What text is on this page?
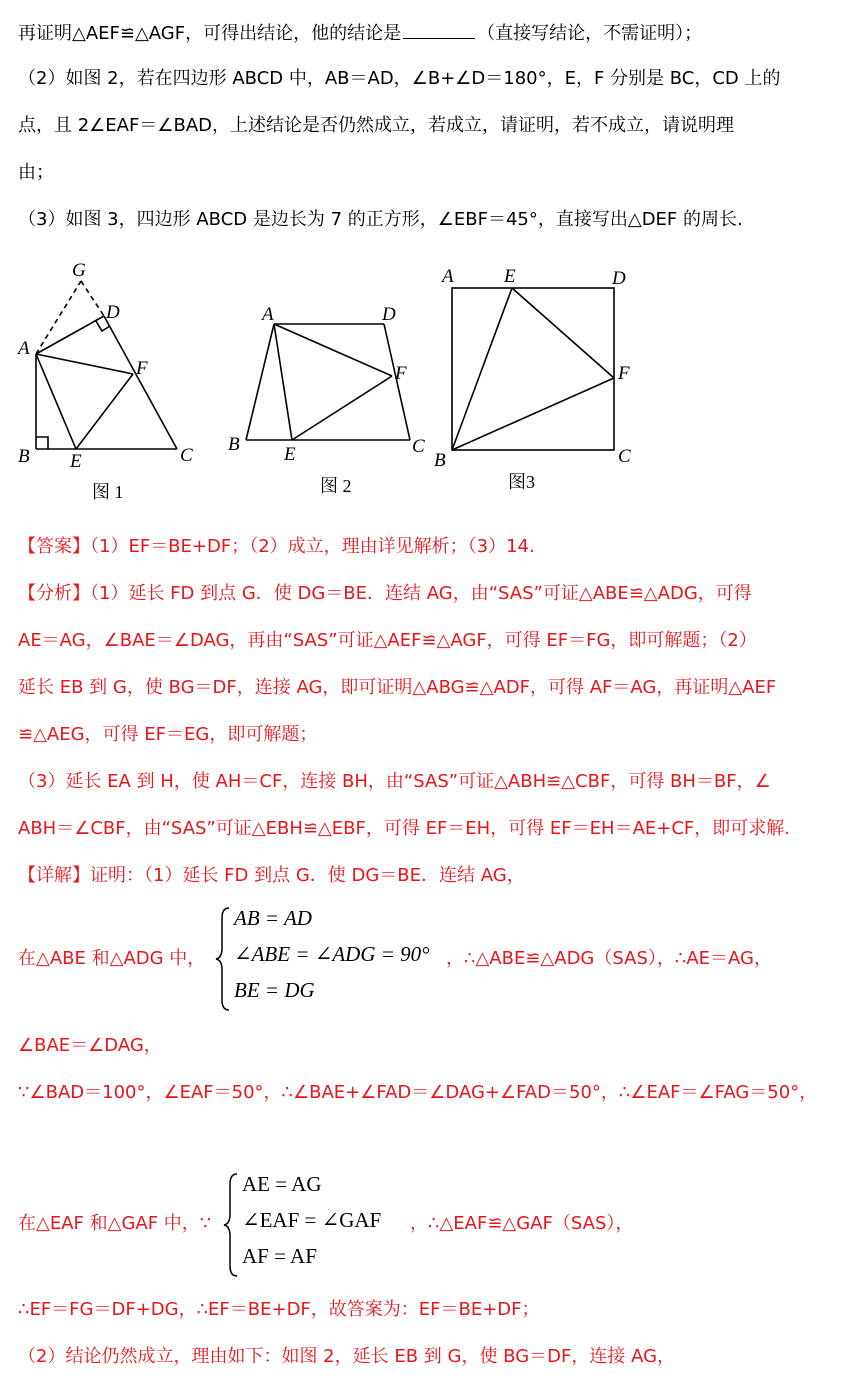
再证明△AEF≌△AGF，可得出结论，他的结论是	（直接写结论，不需证明）；
（2）如图 2，若在四边形 ABCD 中，AB＝AD，∠B+∠D＝180°，E，F 分别是 BC，CD 上的
点，且 2∠EAF＝∠BAD，上述结论是否仍然成立，若成立，请证明，若不成立，请说明理
由；
（3）如图 3，四边形 ABCD 是边长为 7 的正方形，∠EBF＝45°，直接写出△DEF 的周长.
G
D
A
F
B E	C
图 1
A	D
F
B E	C
图 2
A	E	D
F
B	C
图3
【答案】（1）EF＝BE+DF；（2）成立，理由详见解析；（3）14.
【分析】（1）延长 FD 到点 G．使 DG＝BE．连结 AG，由“SAS”可证△ABE≌△ADG，可得
AE＝AG，∠BAE＝∠DAG，再由“SAS”可证△AEF≌△AGF，可得 EF＝FG，即可解题；（2）
延长 EB 到 G，使 BG＝DF，连接 AG，即可证明△ABG≌△ADF，可得 AF＝AG，再证明△AEF
≌△AEG，可得 EF＝EG，即可解题；
（3）延长 EA 到 H，使 AH＝CF，连接 BH，由“SAS”可证△ABH≌△CBF，可得 BH＝BF，∠
ABH＝∠CBF，由“SAS”可证△EBH≌△EBF，可得 EF＝EH，可得 EF＝EH＝AE+CF，即可求解.
【详解】证明：（1）延长 FD 到点 G．使 DG＝BE．连结 AG，
在△ABE 和△ADG 中，
AB = AD
∠ABE = ∠ADG = 90°
BE = DG
，∴△ABE≌△ADG（SAS），∴AE＝AG，
∠BAE＝∠DAG，
∵∠BAD＝100°，∠EAF＝50°，∴∠BAE+∠FAD＝∠DAG+∠FAD＝50°，∴∠EAF＝∠FAG＝50°，
在△EAF 和△GAF 中，∵
AE = AG
∠EAF = ∠GAF
AF = AF
，∴△EAF≌△GAF（SAS），
∴EF＝FG＝DF+DG，∴EF＝BE+DF，故答案为：EF＝BE+DF；
（2）结论仍然成立，理由如下：如图 2，延长 EB 到 G，使 BG＝DF，连接 AG，
